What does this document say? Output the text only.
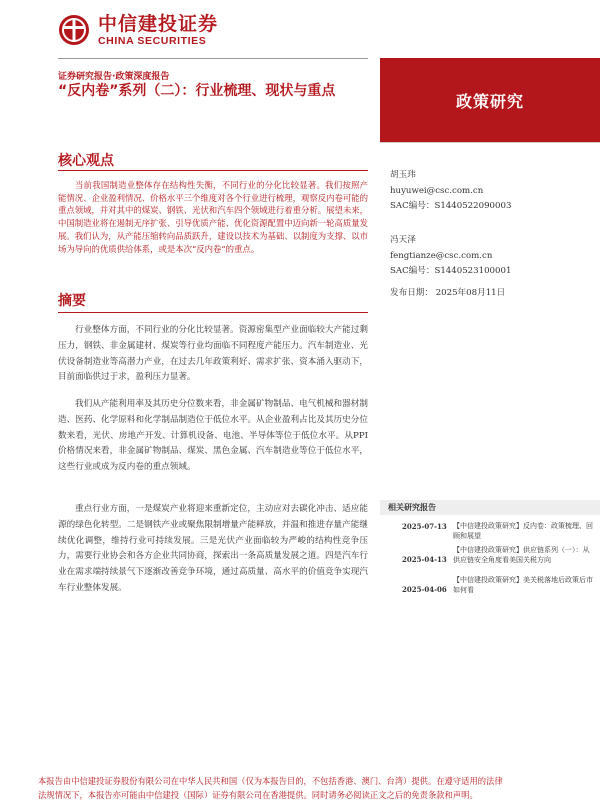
中信建投证券
CHINA SECURITIES
证券研究报告·政策深度报告
“反内卷”系列（二）：行业梳理、现状与重点
政策研究
核心观点
当前我国制造业整体存在结构性失衡，不同行业的分化比较显著。我们按照产能情况、企业盈利情况、价格水平三个维度对各个行业进行梳理，观察反内卷可能的重点领域，并对其中的煤炭、钢铁、光伏和汽车四个领域进行着重分析。展望未来，中国制造业将在遏制无序扩张、引导优质产能、优化资源配置中迈向新一轮高质量发展。我们认为，从产能压缩转向品质跃升，建设以技术为基础、以制度为支撑、以市场为导向的优质供给体系，或是本次“反内卷”的重点。
摘要
行业整体方面，不同行业的分化比较显著。资源密集型产业面临较大产能过剩压力，钢铁、非金属建材、煤炭等行业均面临不同程度产能压力。汽车制造业、光伏设备制造业等高潜力产业，在过去几年政策利好、需求扩张、资本涌入驱动下，目前面临供过于求，盈利压力显著。
我们从产能利用率及其历史分位数来看，非金属矿物制品、电气机械和器材制造、医药、化学原料和化学制品制造位于低位水平。从企业盈利占比及其历史分位数来看，光伏、房地产开发、计算机设备、电池、半导体等位于低位水平。从PPI价格情况来看，非金属矿物制品、煤炭、黑色金属、汽车制造业等位于低位水平，这些行业或成为反内卷的重点领域。
重点行业方面，一是煤炭产业将迎来重新定位，主动应对去碳化冲击、适应能源的绿色化转型。二是钢铁产业或聚焦限制增量产能释放，并温和推进存量产能继续优化调整，维持行业可持续发展。三是光伏产业面临较为严峻的结构性竞争压力，需要行业协会和各方企业共同协商，探索出一条高质量发展之道。四是汽车行业在需求端持续景气下逐渐改善竞争环境，通过高质量、高水平的价值竞争实现汽车行业整体发展。
胡玉玮
huyuwei@csc.com.cn
SAC编号：S1440522090003
冯天泽
fengtianze@csc.com.cn
SAC编号：S1440523100001
发布日期： 2025年08月11日
相关研究报告
2025-07-13 【中信建投政策研究】反内卷：政策梳理、回顾和展望
2025-04-13
【中信建投政策研究】供应链系列（一）：从供应链安全角度看美国关税方向
2025-04-06
【中信建投政策研究】美关税落地后政策后市如何看
本报告由中信建投证券股份有限公司在中华人民共和国（仅为本报告目的，不包括香港、澳门、台湾）提供。在遵守适用的法律
法规情况下，本报告亦可能由中信建投（国际）证券有限公司在香港提供。同时请务必阅读正文之后的免责条款和声明。
